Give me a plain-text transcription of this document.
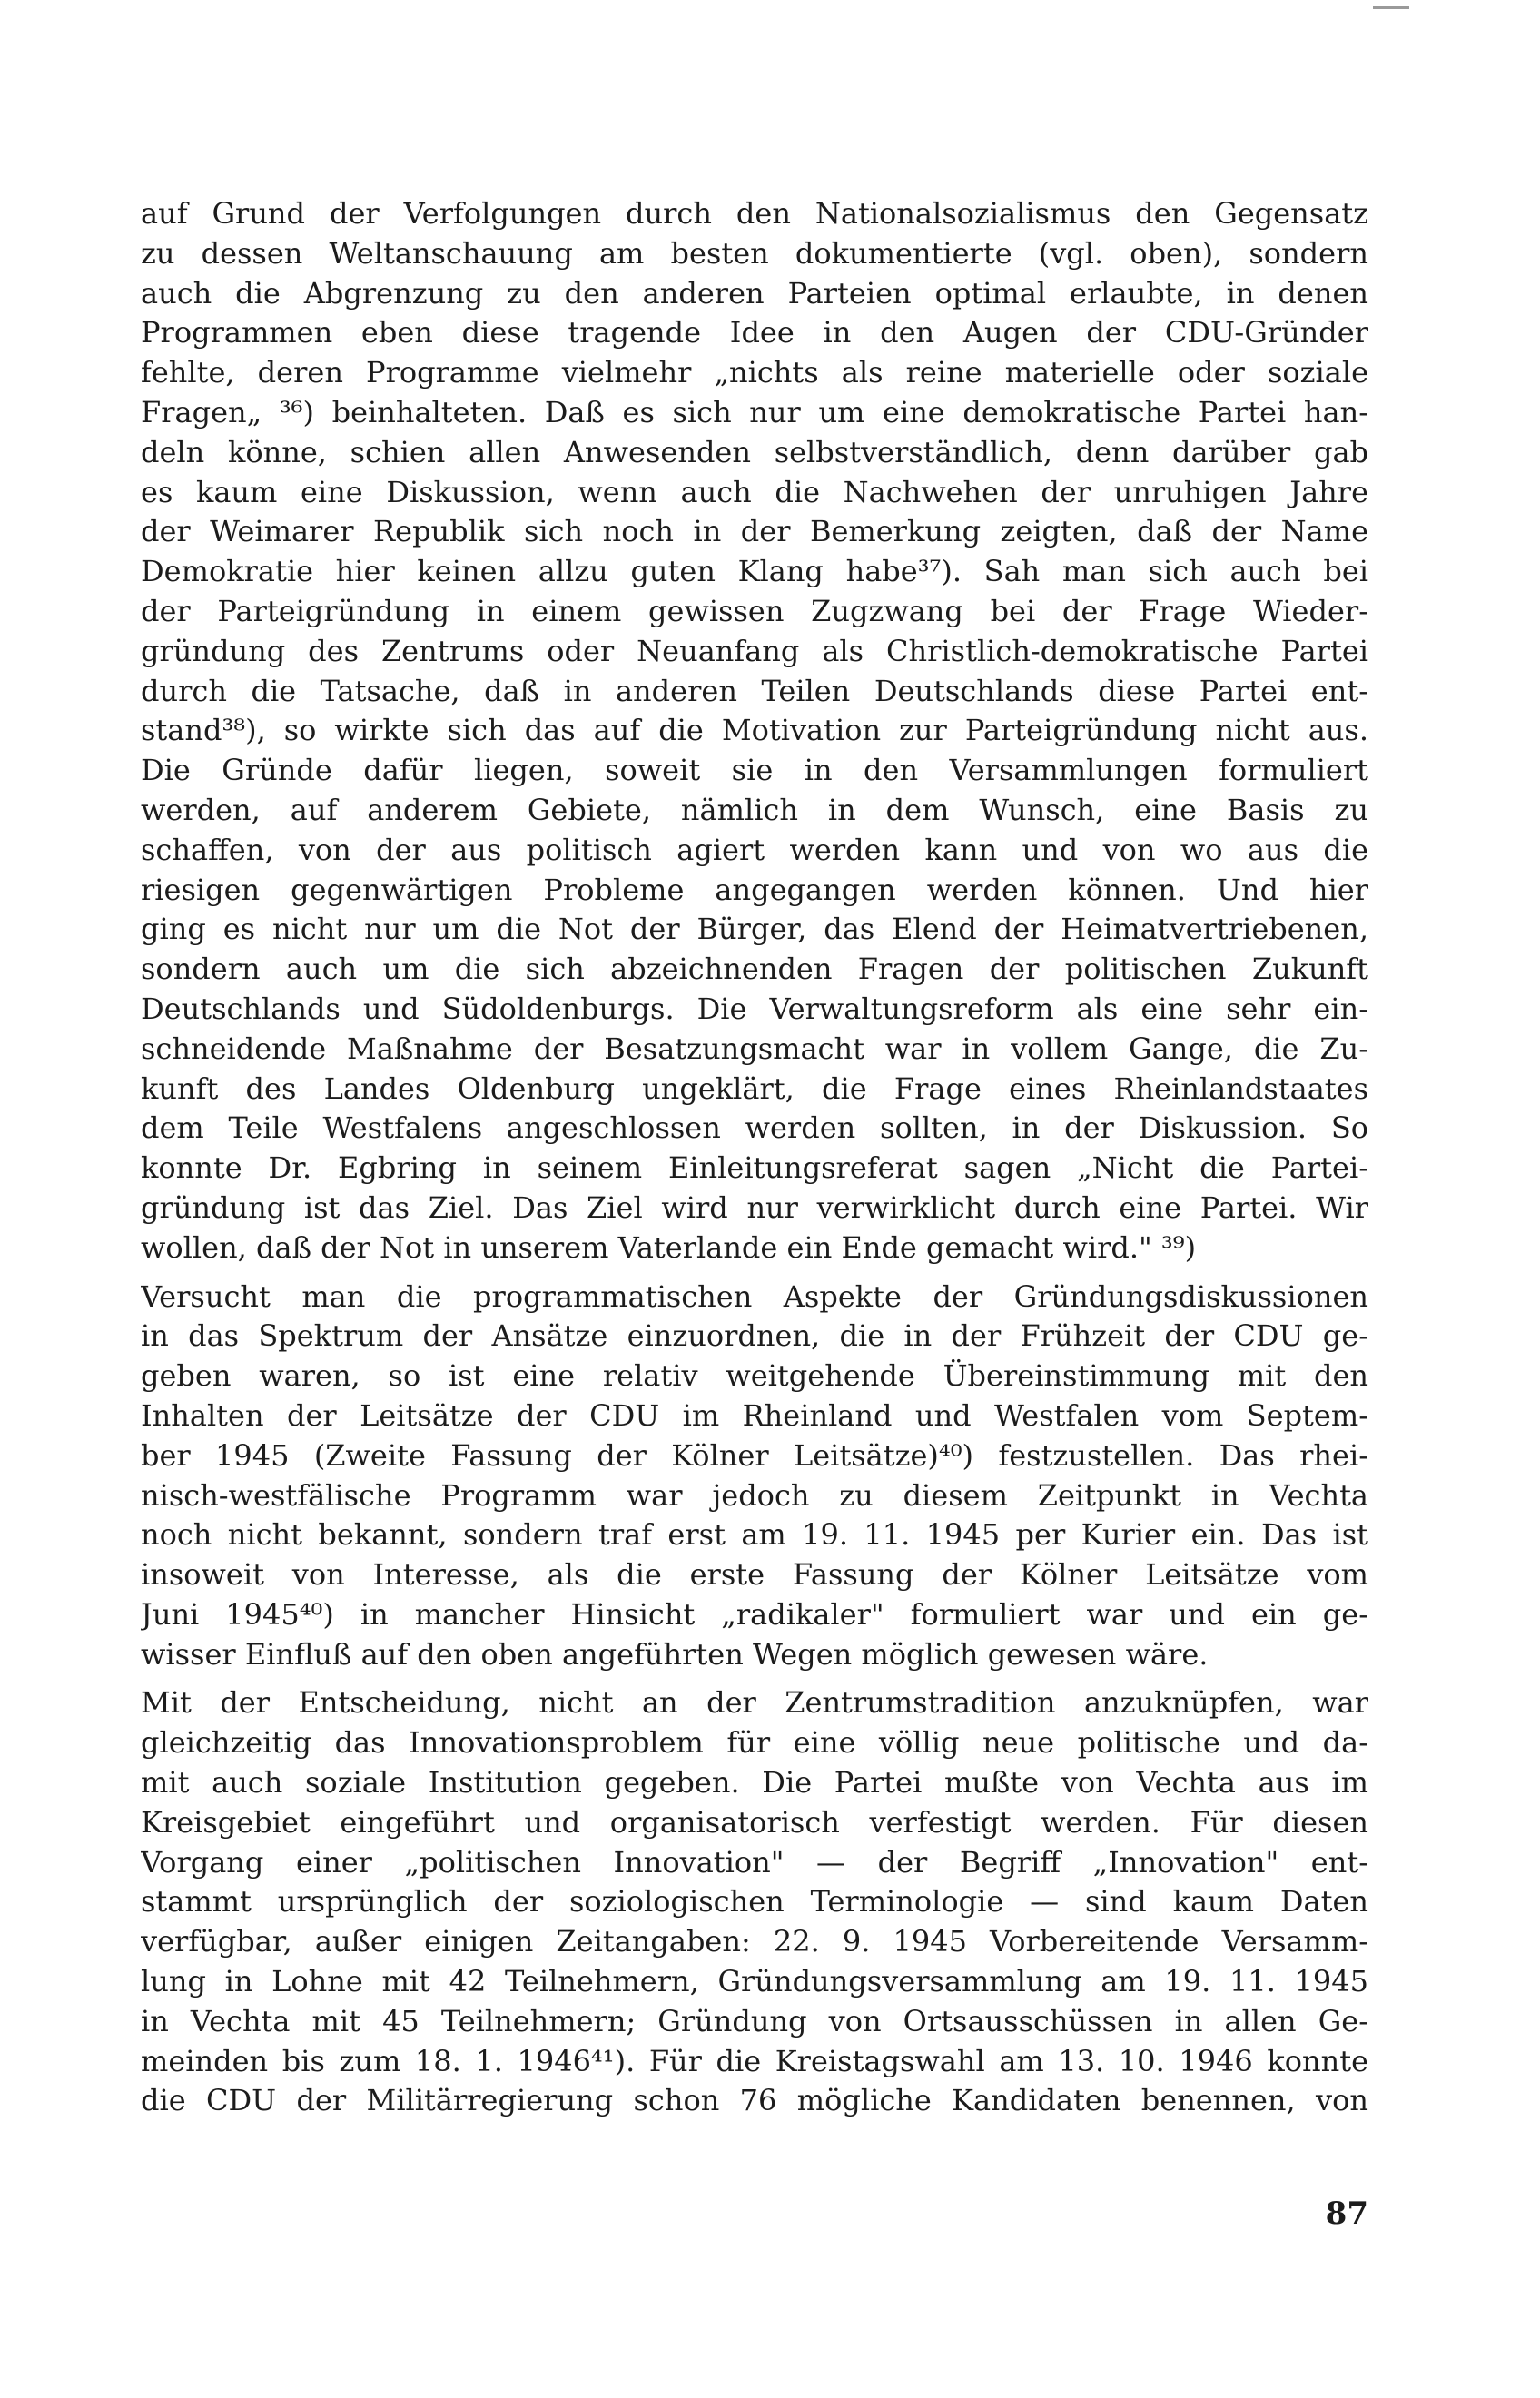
auf Grund der Verfolgungen durch den Nationalsozialismus den Gegensatz
zu dessen Weltanschauung am besten dokumentierte (vgl. oben), sondern
auch die Abgrenzung zu den anderen Parteien optimal erlaubte, in denen
Programmen eben diese tragende Idee in den Augen der CDU-Gründer
fehlte, deren Programme vielmehr „nichts als reine materielle oder soziale
Fragen„ ³⁶) beinhalteten. Daß es sich nur um eine demokratische Partei han-
deln könne, schien allen Anwesenden selbstverständlich, denn darüber gab
es kaum eine Diskussion, wenn auch die Nachwehen der unruhigen Jahre
der Weimarer Republik sich noch in der Bemerkung zeigten, daß der Name
Demokratie hier keinen allzu guten Klang habe³⁷). Sah man sich auch bei
der Parteigründung in einem gewissen Zugzwang bei der Frage Wieder-
gründung des Zentrums oder Neuanfang als Christlich-demokratische Partei
durch die Tatsache, daß in anderen Teilen Deutschlands diese Partei ent-
stand³⁸), so wirkte sich das auf die Motivation zur Parteigründung nicht aus.
Die Gründe dafür liegen, soweit sie in den Versammlungen formuliert
werden, auf anderem Gebiete, nämlich in dem Wunsch, eine Basis zu
schaffen, von der aus politisch agiert werden kann und von wo aus die
riesigen gegenwärtigen Probleme angegangen werden können. Und hier
ging es nicht nur um die Not der Bürger, das Elend der Heimatvertriebenen,
sondern auch um die sich abzeichnenden Fragen der politischen Zukunft
Deutschlands und Südoldenburgs. Die Verwaltungsreform als eine sehr ein-
schneidende Maßnahme der Besatzungsmacht war in vollem Gange, die Zu-
kunft des Landes Oldenburg ungeklärt, die Frage eines Rheinlandstaates
dem Teile Westfalens angeschlossen werden sollten, in der Diskussion. So
konnte Dr. Egbring in seinem Einleitungsreferat sagen „Nicht die Partei-
gründung ist das Ziel. Das Ziel wird nur verwirklicht durch eine Partei. Wir
wollen, daß der Not in unserem Vaterlande ein Ende gemacht wird." ³⁹)
Versucht man die programmatischen Aspekte der Gründungsdiskussionen
in das Spektrum der Ansätze einzuordnen, die in der Frühzeit der CDU ge-
geben waren, so ist eine relativ weitgehende Übereinstimmung mit den
Inhalten der Leitsätze der CDU im Rheinland und Westfalen vom Septem-
ber 1945 (Zweite Fassung der Kölner Leitsätze)⁴⁰) festzustellen. Das rhei-
nisch-westfälische Programm war jedoch zu diesem Zeitpunkt in Vechta
noch nicht bekannt, sondern traf erst am 19. 11. 1945 per Kurier ein. Das ist
insoweit von Interesse, als die erste Fassung der Kölner Leitsätze vom
Juni 1945⁴⁰) in mancher Hinsicht „radikaler" formuliert war und ein ge-
wisser Einfluß auf den oben angeführten Wegen möglich gewesen wäre.
Mit der Entscheidung, nicht an der Zentrumstradition anzuknüpfen, war
gleichzeitig das Innovationsproblem für eine völlig neue politische und da-
mit auch soziale Institution gegeben. Die Partei mußte von Vechta aus im
Kreisgebiet eingeführt und organisatorisch verfestigt werden. Für diesen
Vorgang einer „politischen Innovation" — der Begriff „Innovation" ent-
stammt ursprünglich der soziologischen Terminologie — sind kaum Daten
verfügbar, außer einigen Zeitangaben: 22. 9. 1945 Vorbereitende Versamm-
lung in Lohne mit 42 Teilnehmern, Gründungsversammlung am 19. 11. 1945
in Vechta mit 45 Teilnehmern; Gründung von Ortsausschüssen in allen Ge-
meinden bis zum 18. 1. 1946⁴¹). Für die Kreistagswahl am 13. 10. 1946 konnte
die CDU der Militärregierung schon 76 mögliche Kandidaten benennen, von
87
